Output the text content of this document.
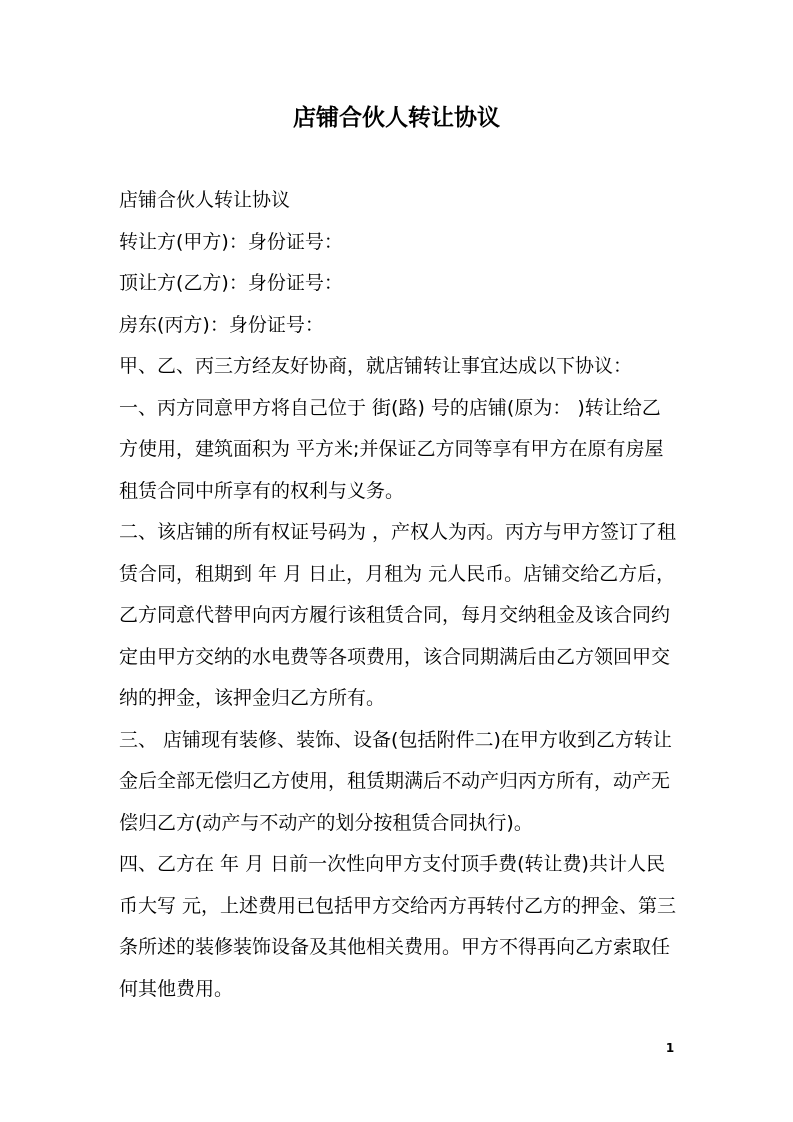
店铺合伙人转让协议

店铺合伙人转让协议

转让方(甲方)：身份证号：

顶让方(乙方)：身份证号：

房东(丙方)：身份证号：

甲、乙、丙三方经友好协商，就店铺转让事宜达成以下协议：

一、丙方同意甲方将自己位于 街(路) 号的店铺(原为： )转让给乙方使用，建筑面积为 平方米;并保证乙方同等享有甲方在原有房屋租赁合同中所享有的权利与义务。

二、该店铺的所有权证号码为 ，产权人为丙。丙方与甲方签订了租赁合同，租期到 年 月 日止，月租为 元人民币。店铺交给乙方后，乙方同意代替甲向丙方履行该租赁合同，每月交纳租金及该合同约定由甲方交纳的水电费等各项费用，该合同期满后由乙方领回甲交纳的押金，该押金归乙方所有。

三、 店铺现有装修、装饰、设备(包括附件二)在甲方收到乙方转让金后全部无偿归乙方使用，租赁期满后不动产归丙方所有，动产无偿归乙方(动产与不动产的划分按租赁合同执行)。

四、乙方在 年 月 日前一次性向甲方支付顶手费(转让费)共计人民币大写 元，上述费用已包括甲方交给丙方再转付乙方的押金、第三条所述的装修装饰设备及其他相关费用。甲方不得再向乙方索取任何其他费用。

1
